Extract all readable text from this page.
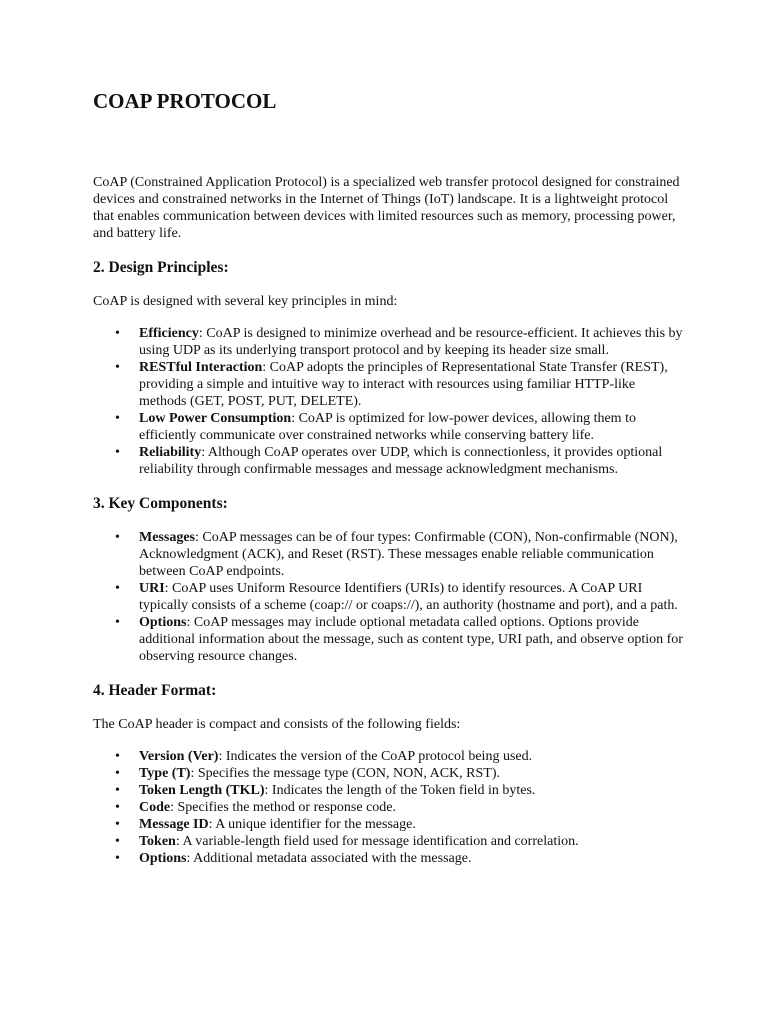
COAP PROTOCOL

CoAP (Constrained Application Protocol) is a specialized web transfer protocol designed for constrained devices and constrained networks in the Internet of Things (IoT) landscape. It is a lightweight protocol that enables communication between devices with limited resources such as memory, processing power, and battery life.

2. Design Principles:

CoAP is designed with several key principles in mind:

• Efficiency: CoAP is designed to minimize overhead and be resource-efficient. It achieves this by using UDP as its underlying transport protocol and by keeping its header size small.
• RESTful Interaction: CoAP adopts the principles of Representational State Transfer (REST), providing a simple and intuitive way to interact with resources using familiar HTTP-like methods (GET, POST, PUT, DELETE).
• Low Power Consumption: CoAP is optimized for low-power devices, allowing them to efficiently communicate over constrained networks while conserving battery life.
• Reliability: Although CoAP operates over UDP, which is connectionless, it provides optional reliability through confirmable messages and message acknowledgment mechanisms.
3. Key Components:
• Messages: CoAP messages can be of four types: Confirmable (CON), Non-confirmable (NON), Acknowledgment (ACK), and Reset (RST). These messages enable reliable communication between CoAP endpoints.
• URI: CoAP uses Uniform Resource Identifiers (URIs) to identify resources. A CoAP URI typically consists of a scheme (coap:// or coaps://), an authority (hostname and port), and a path.
• Options: CoAP messages may include optional metadata called options. Options provide additional information about the message, such as content type, URI path, and observe option for observing resource changes.
4. Header Format:

The CoAP header is compact and consists of the following fields:

• Version (Ver): Indicates the version of the CoAP protocol being used.
• Type (T): Specifies the message type (CON, NON, ACK, RST).
• Token Length (TKL): Indicates the length of the Token field in bytes.
• Code: Specifies the method or response code.
• Message ID: A unique identifier for the message.
• Token: A variable-length field used for message identification and correlation.
• Options: Additional metadata associated with the message.
